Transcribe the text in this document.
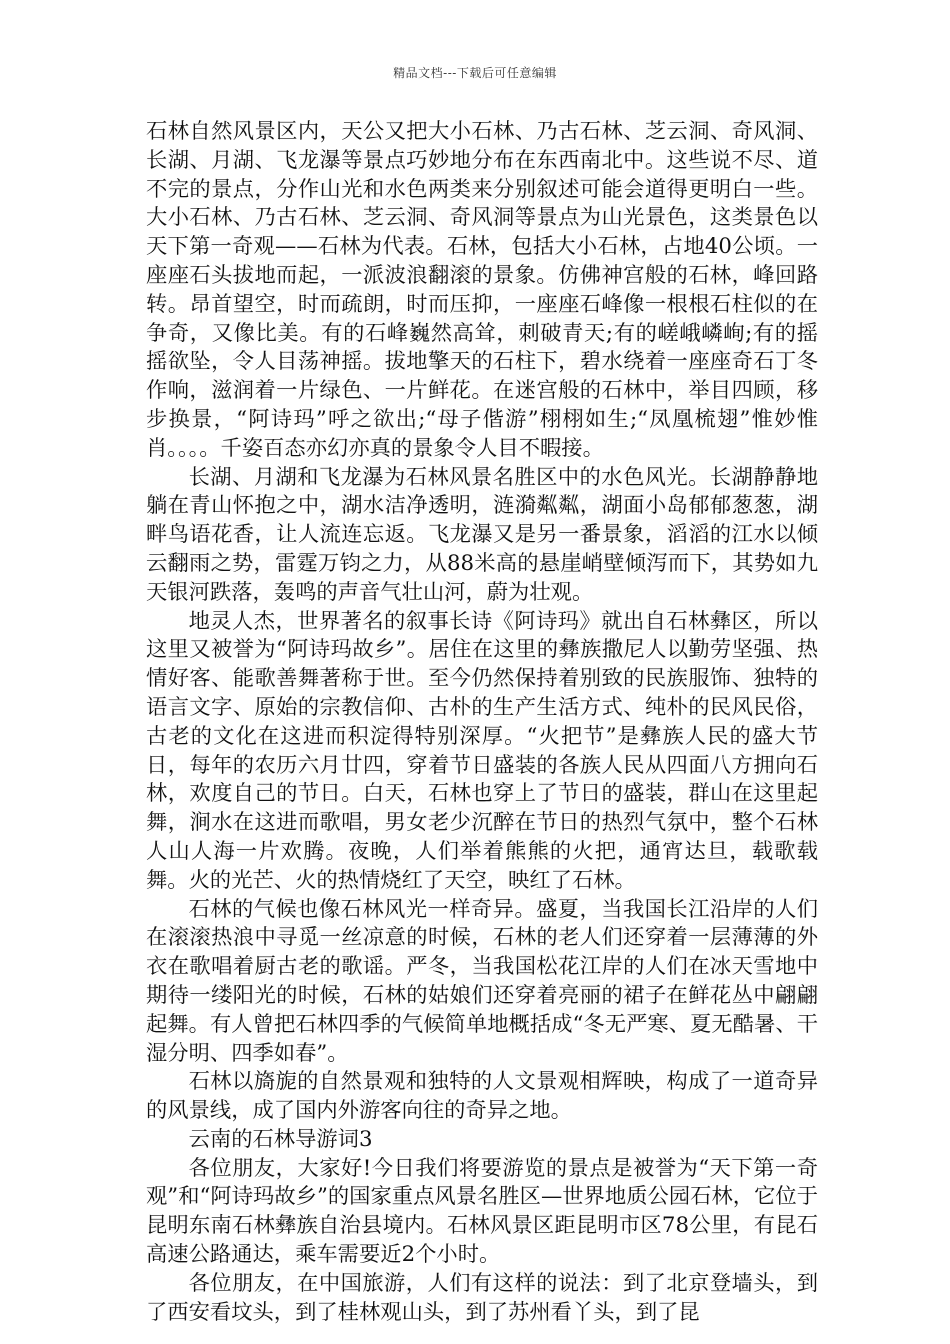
精品文档---下载后可任意编辑

石林自然风景区内，天公又把大小石林、乃古石林、芝云洞、奇风洞、长湖、月湖、飞龙瀑等景点巧妙地分布在东西南北中。这些说不尽、道不完的景点，分作山光和水色两类来分别叙述可能会道得更明白一些。大小石林、乃古石林、芝云洞、奇风洞等景点为山光景色，这类景色以天下第一奇观——石林为代表。石林，包括大小石林，占地40公顷。一座座石头拔地而起，一派波浪翻滚的景象。仿佛神宫般的石林，峰回路转。昂首望空，时而疏朗，时而压抑，一座座石峰像一根根石柱似的在争奇，又像比美。有的石峰巍然高耸，刺破青天;有的嵯峨嶙峋;有的摇摇欲坠，令人目荡神摇。拔地擎天的石柱下，碧水绕着一座座奇石丁冬作响，滋润着一片绿色、一片鲜花。在迷宫般的石林中，举目四顾，移步换景，“阿诗玛”呼之欲出;“母子偕游”栩栩如生;“凤凰梳翅”惟妙惟肖。。。。千姿百态亦幻亦真的景象令人目不暇接。

长湖、月湖和飞龙瀑为石林风景名胜区中的水色风光。长湖静静地躺在青山怀抱之中，湖水洁净透明，涟漪粼粼，湖面小岛郁郁葱葱，湖畔鸟语花香，让人流连忘返。飞龙瀑又是另一番景象，滔滔的江水以倾云翻雨之势，雷霆万钧之力，从88米高的悬崖峭壁倾泻而下，其势如九天银河跌落，轰鸣的声音气壮山河，蔚为壮观。

地灵人杰，世界著名的叙事长诗《阿诗玛》就出自石林彝区，所以这里又被誉为“阿诗玛故乡”。居住在这里的彝族撒尼人以勤劳坚强、热情好客、能歌善舞著称于世。至今仍然保持着别致的民族服饰、独特的语言文字、原始的宗教信仰、古朴的生产生活方式、纯朴的民风民俗，古老的文化在这进而积淀得特别深厚。“火把节”是彝族人民的盛大节日，每年的农历六月廿四，穿着节日盛装的各族人民从四面八方拥向石林，欢度自己的节日。白天，石林也穿上了节日的盛装，群山在这里起舞，涧水在这进而歌唱，男女老少沉醉在节日的热烈气氛中，整个石林人山人海一片欢腾。夜晚，人们举着熊熊的火把，通宵达旦，载歌载舞。火的光芒、火的热情烧红了天空，映红了石林。

石林的气候也像石林风光一样奇异。盛夏，当我国长江沿岸的人们在滚滚热浪中寻觅一丝凉意的时候，石林的老人们还穿着一层薄薄的外衣在歌唱着厨古老的歌谣。严冬，当我国松花江岸的人们在冰天雪地中期待一缕阳光的时候，石林的姑娘们还穿着亮丽的裙子在鲜花丛中翩翩起舞。有人曾把石林四季的气候简单地概括成“冬无严寒、夏无酷暑、干湿分明、四季如春”。

石林以旖旎的自然景观和独特的人文景观相辉映，构成了一道奇异的风景线，成了国内外游客向往的奇异之地。

云南的石林导游词3

各位朋友，大家好!今日我们将要游览的景点是被誉为“天下第一奇观”和“阿诗玛故乡”的国家重点风景名胜区—世界地质公园石林，它位于昆明东南石林彝族自治县境内。石林风景区距昆明市区78公里，有昆石高速公路通达，乘车需要近2个小时。

各位朋友，在中国旅游，人们有这样的说法：到了北京登墙头，到了西安看坟头，到了桂林观山头，到了苏州看丫头，到了昆
